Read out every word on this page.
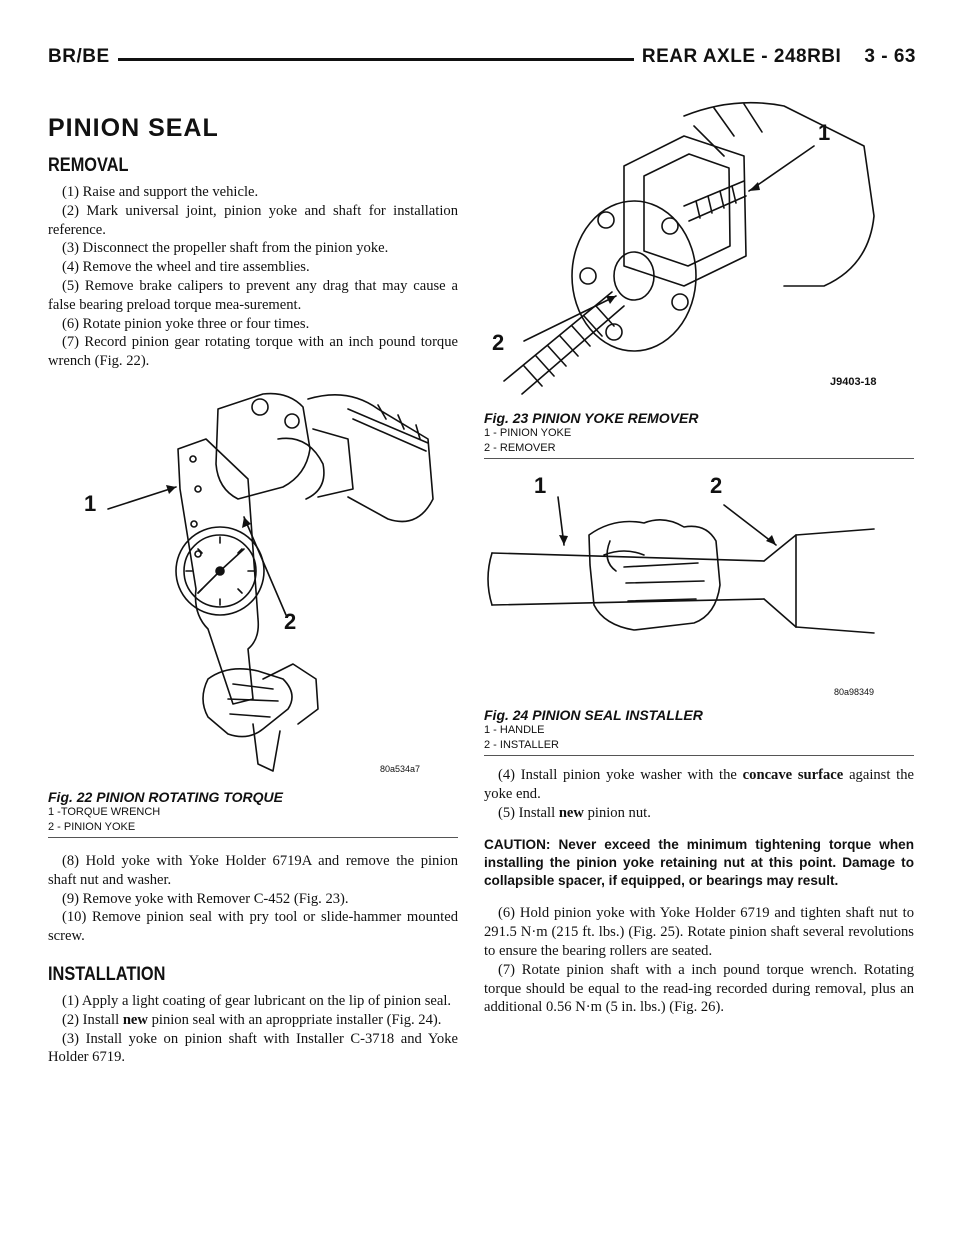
BR/BE	REAR AXLE - 248RBI    3 - 63
PINION SEAL
REMOVAL

(1) Raise and support the vehicle.

(2) Mark universal joint, pinion yoke and shaft for installation reference.

(3) Disconnect the propeller shaft from the pinion yoke.

(4) Remove the wheel and tire assemblies.

(5) Remove brake calipers to prevent any drag that may cause a false bearing preload torque mea-surement.

(6) Rotate pinion yoke three or four times.

(7) Record pinion gear rotating torque with an inch pound torque wrench (Fig. 22).

1
2
80a534a7
Fig. 22 PINION ROTATING TORQUE
1 -TORQUE WRENCH
2 - PINION YOKE

(8) Hold yoke with Yoke Holder 6719A and remove the pinion shaft nut and washer.

(9) Remove yoke with Remover C-452 (Fig. 23).

(10) Remove pinion seal with pry tool or slide-hammer mounted screw.

INSTALLATION

(1) Apply a light coating of gear lubricant on the lip of pinion seal.

(2) Install new pinion seal with an aproppriate installer (Fig. 24).

(3) Install yoke on pinion shaft with Installer C-3718 and Yoke Holder 6719.

1
2
J9403-18
Fig. 23 PINION YOKE REMOVER
1 - PINION YOKE
2 - REMOVER
1	2
80a98349
Fig. 24 PINION SEAL INSTALLER
1 - HANDLE
2 - INSTALLER

(4) Install pinion yoke washer with the concave surface against the yoke end.

(5) Install new pinion nut.

CAUTION: Never exceed the minimum tightening torque when installing the pinion yoke retaining nut at this point. Damage to collapsible spacer, if equipped, or bearings may result.

(6) Hold pinion yoke with Yoke Holder 6719 and tighten shaft nut to 291.5 N·m (215 ft. lbs.) (Fig. 25). Rotate pinion shaft several revolutions to ensure the bearing rollers are seated.

(7) Rotate pinion shaft with a inch pound torque wrench. Rotating torque should be equal to the read-ing recorded during removal, plus an additional 0.56 N·m (5 in. lbs.) (Fig. 26).
